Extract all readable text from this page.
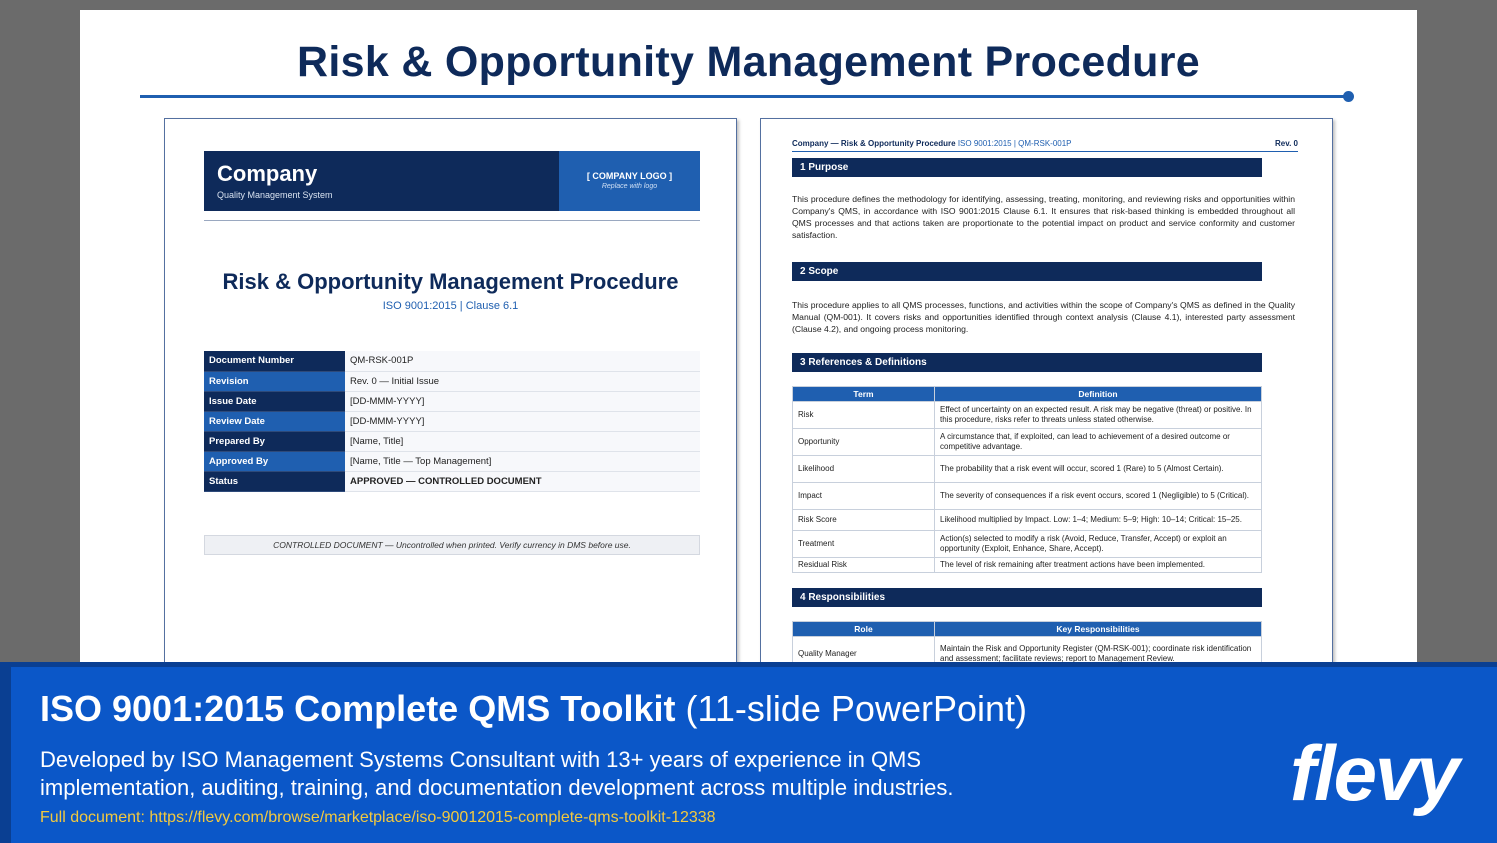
Risk & Opportunity Management Procedure
Company
Quality Management System
[ COMPANY LOGO ]
Replace with logo
Risk & Opportunity Management Procedure
ISO 9001:2015 | Clause 6.1
Document Number	QM-RSK-001P
Revision	Rev. 0 — Initial Issue
Issue Date	[DD-MMM-YYYY]
Review Date	[DD-MMM-YYYY]
Prepared By	[Name, Title]
Approved By	[Name, Title — Top Management]
Status	APPROVED — CONTROLLED DOCUMENT
CONTROLLED DOCUMENT — Uncontrolled when printed. Verify currency in DMS before use.
Company — Risk & Opportunity Procedure ISO 9001:2015 | QM-RSK-001P	Rev. 0
1 Purpose
This procedure defines the methodology for identifying, assessing, treating, monitoring, and reviewing risks and opportunities within Company's QMS, in accordance with ISO 9001:2015 Clause 6.1. It ensures that risk-based thinking is embedded throughout all QMS processes and that actions taken are proportionate to the potential impact on product and service conformity and customer satisfaction.
2 Scope
This procedure applies to all QMS processes, functions, and activities within the scope of Company's QMS as defined in the Quality Manual (QM-001). It covers risks and opportunities identified through context analysis (Clause 4.1), interested party assessment (Clause 4.2), and ongoing process monitoring.
3 References & Definitions
Term	Definition
Risk	Effect of uncertainty on an expected result. A risk may be negative (threat) or positive. In this procedure, risks refer to threats unless stated otherwise.
Opportunity	A circumstance that, if exploited, can lead to achievement of a desired outcome or competitive advantage.
Likelihood	The probability that a risk event will occur, scored 1 (Rare) to 5 (Almost Certain).
Impact	The severity of consequences if a risk event occurs, scored 1 (Negligible) to 5 (Critical).
Risk Score	Likelihood multiplied by Impact. Low: 1–4; Medium: 5–9; High: 10–14; Critical: 15–25.
Treatment	Action(s) selected to modify a risk (Avoid, Reduce, Transfer, Accept) or exploit an opportunity (Exploit, Enhance, Share, Accept).
Residual Risk	The level of risk remaining after treatment actions have been implemented.
4 Responsibilities
Role	Key Responsibilities
Quality Manager	Maintain the Risk and Opportunity Register (QM-RSK-001); coordinate risk identification and assessment; facilitate reviews; report to Management Review.
ISO 9001:2015 Complete QMS Toolkit (11-slide PowerPoint)
Developed by ISO Management Systems Consultant with 13+ years of experience in QMS implementation, auditing, training, and documentation development across multiple industries.
Full document: https://flevy.com/browse/marketplace/iso-90012015-complete-qms-toolkit-12338
flevy
